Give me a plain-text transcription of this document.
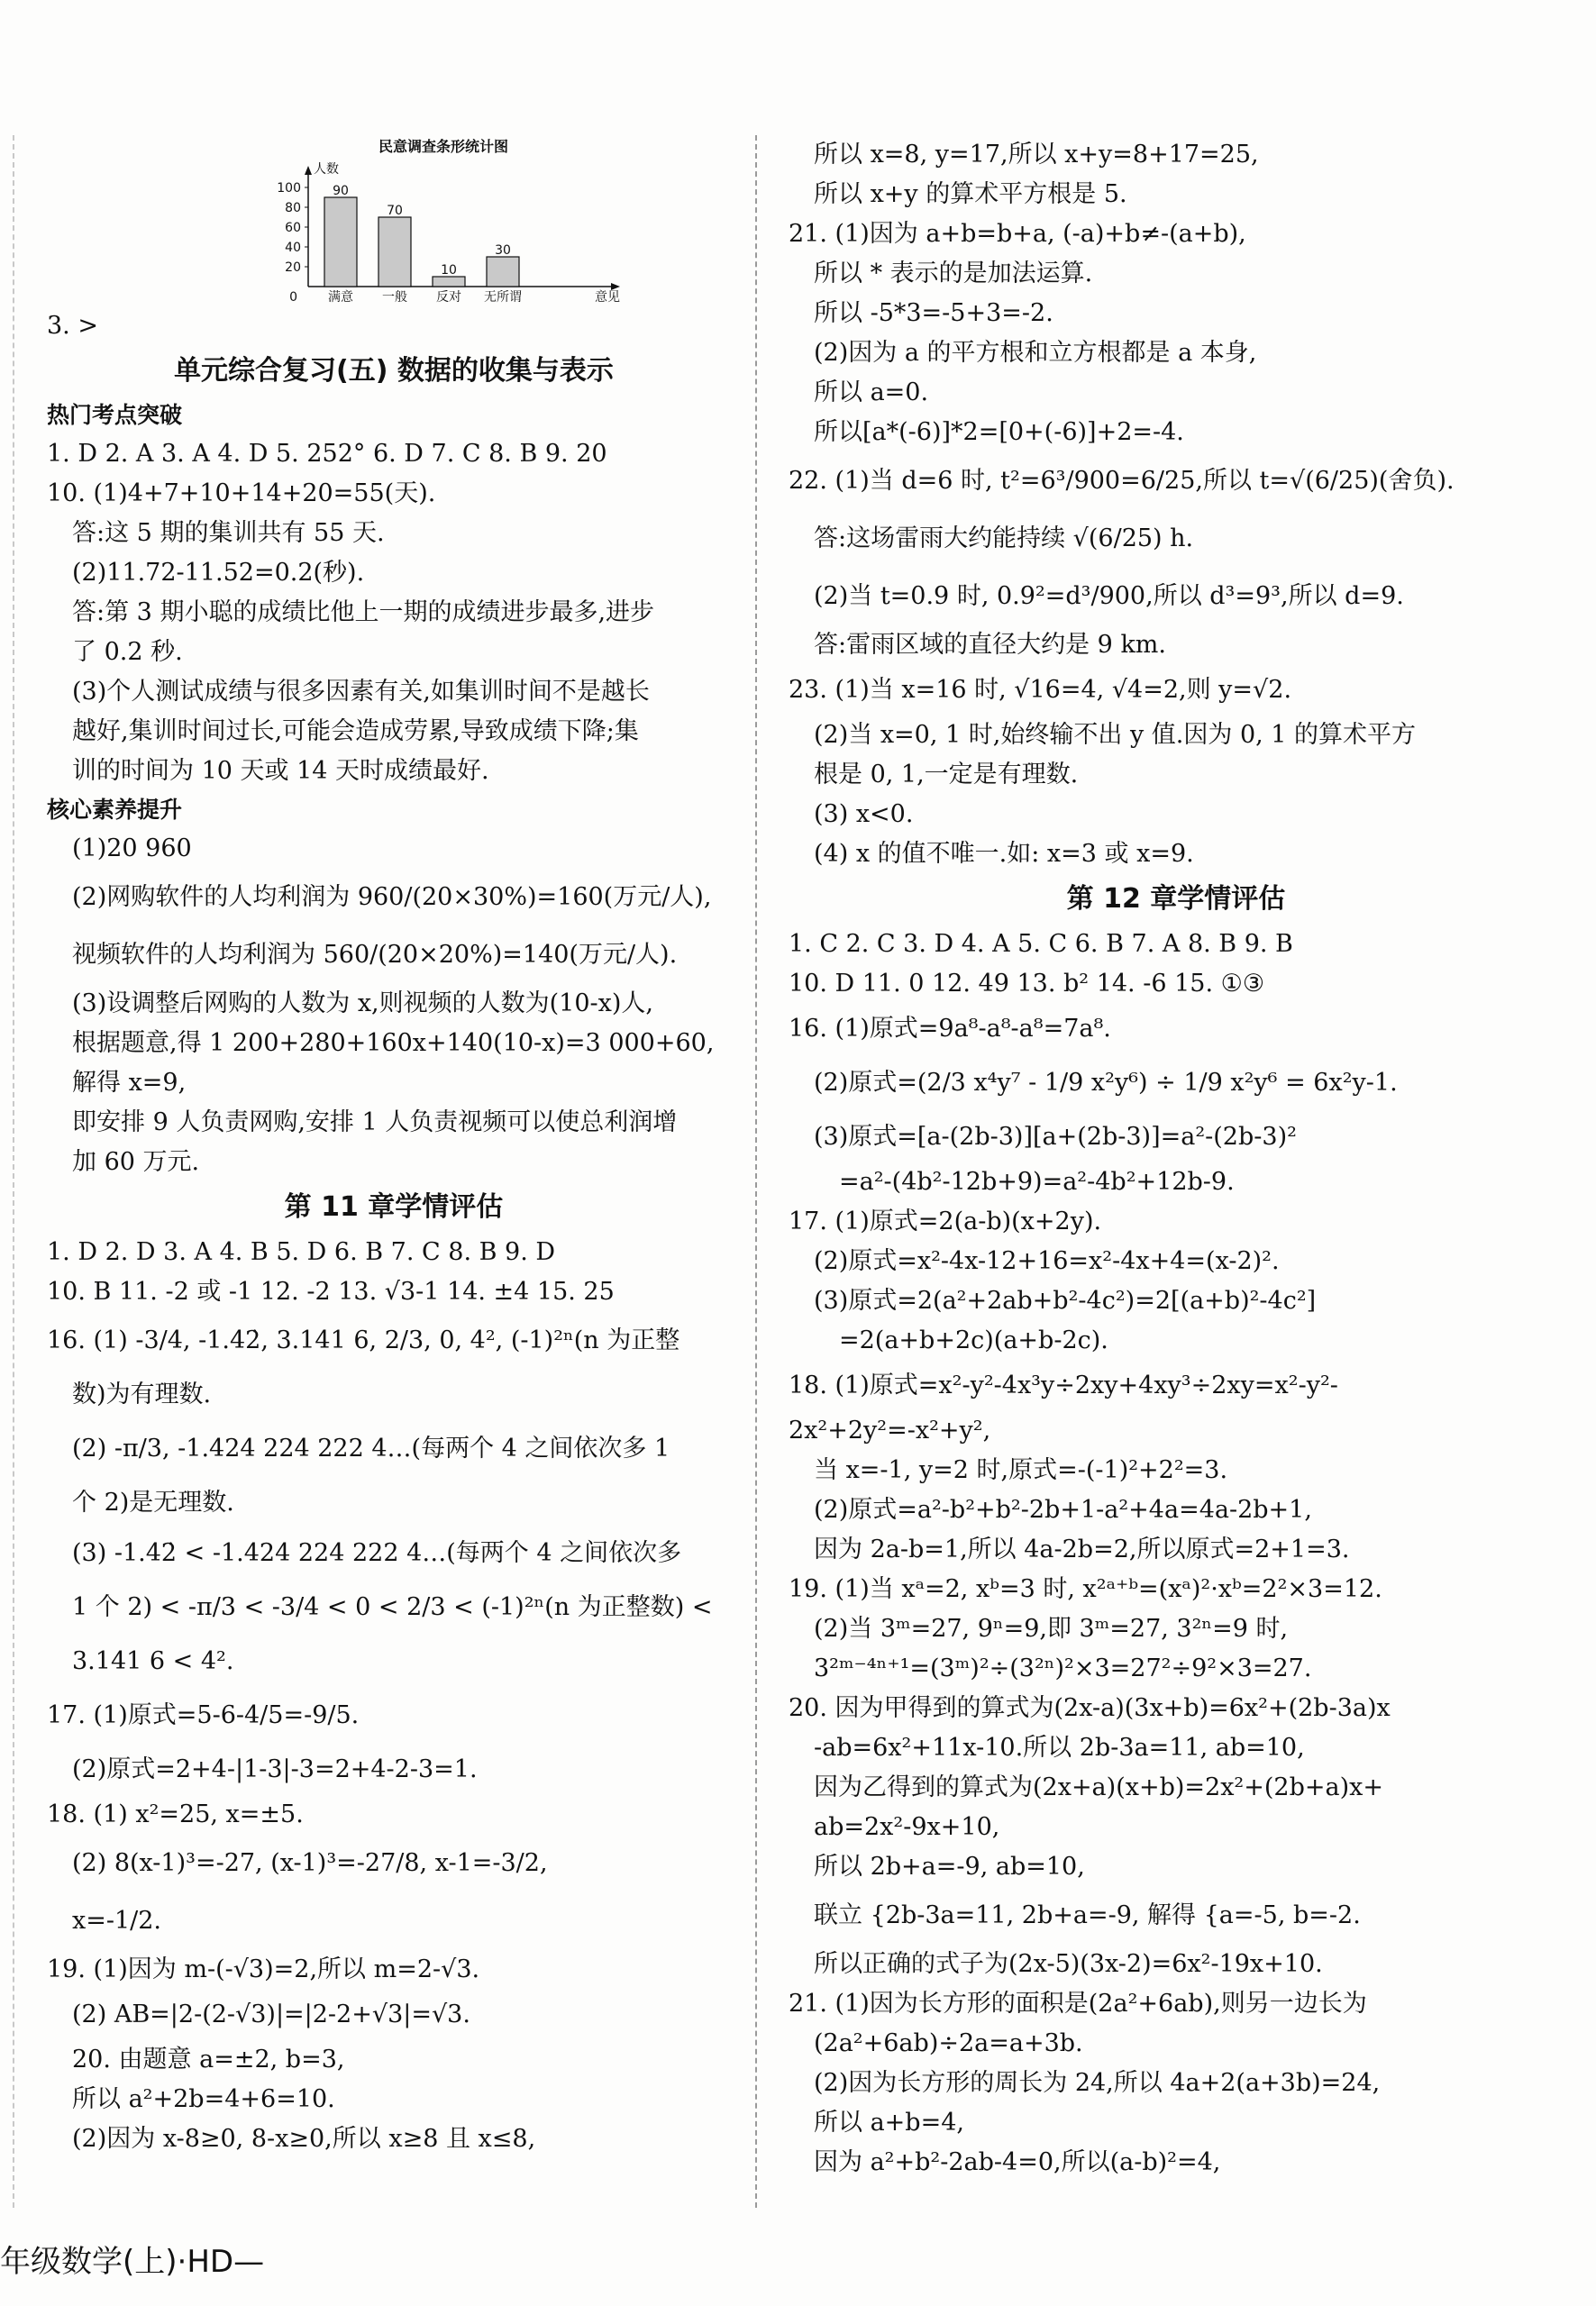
民意调查条形统计图
人数
0
20
40
60
80
100	90
满意
70
一般
10
反对
30
无所谓	意见
3. >
单元综合复习(五) 数据的收集与表示
热门考点突破
1. D 2. A 3. A 4. D 5. 252° 6. D 7. C 8. B 9. 20
10. (1)4+7+10+14+20=55(天).
答:这 5 期的集训共有 55 天.
(2)11.72-11.52=0.2(秒).
答:第 3 期小聪的成绩比他上一期的成绩进步最多,进步
了 0.2 秒.
(3)个人测试成绩与很多因素有关,如集训时间不是越长
越好,集训时间过长,可能会造成劳累,导致成绩下降;集
训的时间为 10 天或 14 天时成绩最好.
核心素养提升
(1)20 960
(2)网购软件的人均利润为 960/(20×30%)=160(万元/人),
视频软件的人均利润为 560/(20×20%)=140(万元/人).
(3)设调整后网购的人数为 x,则视频的人数为(10-x)人,
根据题意,得 1 200+280+160x+140(10-x)=3 000+60,
解得 x=9,
即安排 9 人负责网购,安排 1 人负责视频可以使总利润增
加 60 万元.
第 11 章学情评估
1. D 2. D 3. A 4. B 5. D 6. B 7. C 8. B 9. D
10. B 11. -2 或 -1 12. -2 13. √3-1 14. ±4 15. 25
16. (1) -3/4, -1.4̇2̇, 3.141 6, 2/3, 0, 4², (-1)²ⁿ(n 为正整
数)为有理数.
(2) -π/3, -1.424 224 222 4…(每两个 4 之间依次多 1
个 2)是无理数.
(3) -1.4̇2̇ < -1.424 224 222 4…(每两个 4 之间依次多
1 个 2) < -π/3 < -3/4 < 0 < 2/3 < (-1)²ⁿ(n 为正整数) <
3.141 6 < 4².
17. (1)原式=5-6-4/5=-9/5.
(2)原式=2+4-|1-3|-3=2+4-2-3=1.
18. (1) x²=25, x=±5.
(2) 8(x-1)³=-27, (x-1)³=-27/8, x-1=-3/2,
x=-1/2.
19. (1)因为 m-(-√3)=2,所以 m=2-√3.
(2) AB=|2-(2-√3)|=|2-2+√3|=√3.
20. 由题意 a=±2, b=3,
所以 a²+2b=4+6=10.
(2)因为 x-8≥0, 8-x≥0,所以 x≥8 且 x≤8,
所以 x=8, y=17,所以 x+y=8+17=25,
所以 x+y 的算术平方根是 5.
21. (1)因为 a+b=b+a, (-a)+b≠-(a+b),
所以 * 表示的是加法运算.
所以 -5*3=-5+3=-2.
(2)因为 a 的平方根和立方根都是 a 本身,
所以 a=0.
所以[a*(-6)]*2=[0+(-6)]+2=-4.
22. (1)当 d=6 时, t²=6³/900=6/25,所以 t=√(6/25)(舍负).
答:这场雷雨大约能持续 √(6/25) h.
(2)当 t=0.9 时, 0.9²=d³/900,所以 d³=9³,所以 d=9.
答:雷雨区域的直径大约是 9 km.
23. (1)当 x=16 时, √16=4, √4=2,则 y=√2.
(2)当 x=0, 1 时,始终输不出 y 值.因为 0, 1 的算术平方
根是 0, 1,一定是有理数.
(3) x<0.
(4) x 的值不唯一.如: x=3 或 x=9.
第 12 章学情评估
1. C 2. C 3. D 4. A 5. C 6. B 7. A 8. B 9. B
10. D 11. 0 12. 49 13. b² 14. -6 15. ①③
16. (1)原式=9a⁸-a⁸-a⁸=7a⁸.
(2)原式=(2/3 x⁴y⁷ - 1/9 x²y⁶) ÷ 1/9 x²y⁶ = 6x²y-1.
(3)原式=[a-(2b-3)][a+(2b-3)]=a²-(2b-3)²
=a²-(4b²-12b+9)=a²-4b²+12b-9.
17. (1)原式=2(a-b)(x+2y).
(2)原式=x²-4x-12+16=x²-4x+4=(x-2)².
(3)原式=2(a²+2ab+b²-4c²)=2[(a+b)²-4c²]
=2(a+b+2c)(a+b-2c).
18. (1)原式=x²-y²-4x³y÷2xy+4xy³÷2xy=x²-y²-
2x²+2y²=-x²+y²,
当 x=-1, y=2 时,原式=-(-1)²+2²=3.
(2)原式=a²-b²+b²-2b+1-a²+4a=4a-2b+1,
因为 2a-b=1,所以 4a-2b=2,所以原式=2+1=3.
19. (1)当 xᵃ=2, xᵇ=3 时, x²ᵃ⁺ᵇ=(xᵃ)²·xᵇ=2²×3=12.
(2)当 3ᵐ=27, 9ⁿ=9,即 3ᵐ=27, 3²ⁿ=9 时,
3²ᵐ⁻⁴ⁿ⁺¹=(3ᵐ)²÷(3²ⁿ)²×3=27²÷9²×3=27.
20. 因为甲得到的算式为(2x-a)(3x+b)=6x²+(2b-3a)x
-ab=6x²+11x-10.所以 2b-3a=11, ab=10,
因为乙得到的算式为(2x+a)(x+b)=2x²+(2b+a)x+
ab=2x²-9x+10,
所以 2b+a=-9, ab=10,
联立 {2b-3a=11, 2b+a=-9, 解得 {a=-5, b=-2.
所以正确的式子为(2x-5)(3x-2)=6x²-19x+10.
21. (1)因为长方形的面积是(2a²+6ab),则另一边长为
(2a²+6ab)÷2a=a+3b.
(2)因为长方形的周长为 24,所以 4a+2(a+3b)=24,
所以 a+b=4,
因为 a²+b²-2ab-4=0,所以(a-b)²=4,
年级数学(上)·HD—
